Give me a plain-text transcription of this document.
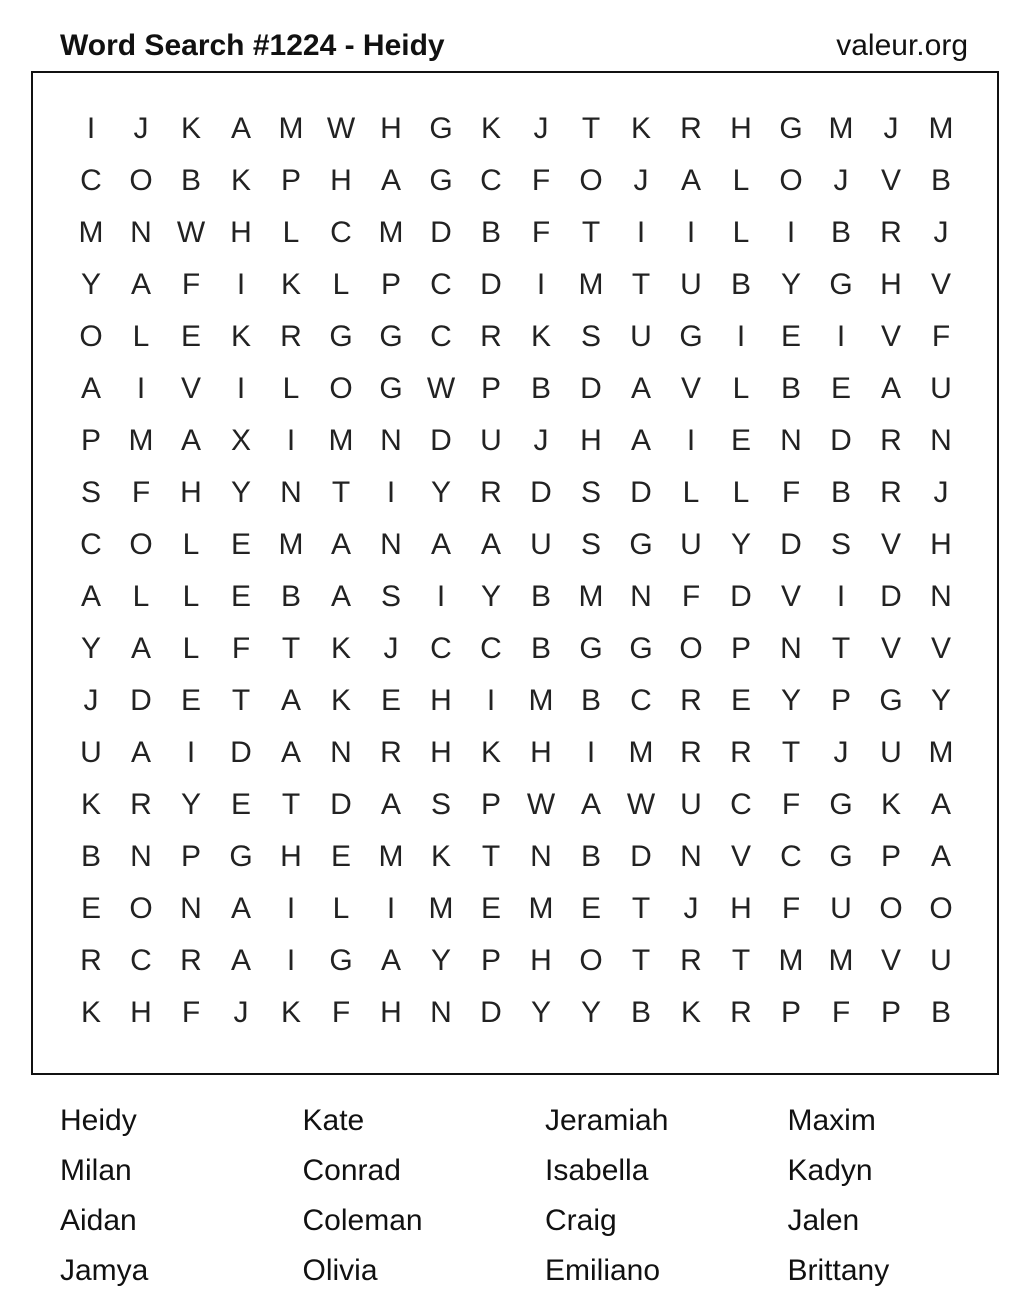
Word Search #1224 - Heidy	valeur.org
I	J	K A M W H G K	J	T	K R H G M	J	M
C O B K P H A G C	F O	J	A	L O	J	V B
M N W H	L	C M D B	F	T	I	I	L	I	B R	J
Y A	F	I	K	L	P C D	I	M T	U B Y G H V
O L	E K R G G C R K S U G	I	E	I	V	F
A	I	V	I	L O G W P B D A V	L	B E A U
P M A X	I	M N D U	J	H A	I	E N D R N
S	F	H Y N	T	I	Y R D S D	L	L	F	B R	J
C O L	E M A N A A U S G U Y D S V H
A	L	L	E B A S	I	Y B M N	F	D V	I	D N
Y A	L	F	T	K	J	C C B G G O P N	T	V V
J	D E	T	A K E H	I	M B C R E Y P G Y
U A	I	D A N R H K H	I	M R R	T	J	U M
K R Y E	T	D A S P W A W U C	F G K A
B N P G H E M K	T	N B D N V C G P A
E O N A	I	L	I	M E M E	T	J	H	F	U O O
R C R A	I	G A Y P H O T	R	T M M V U
K H	F	J	K	F	H N D Y Y B K R P	F	P B
Heidy	Kate	Jeramiah	Maxim
Milan	Conrad	Isabella	Kadyn
Aidan	Coleman	Craig	Jalen
Jamya	Olivia	Emiliano	Brittany
